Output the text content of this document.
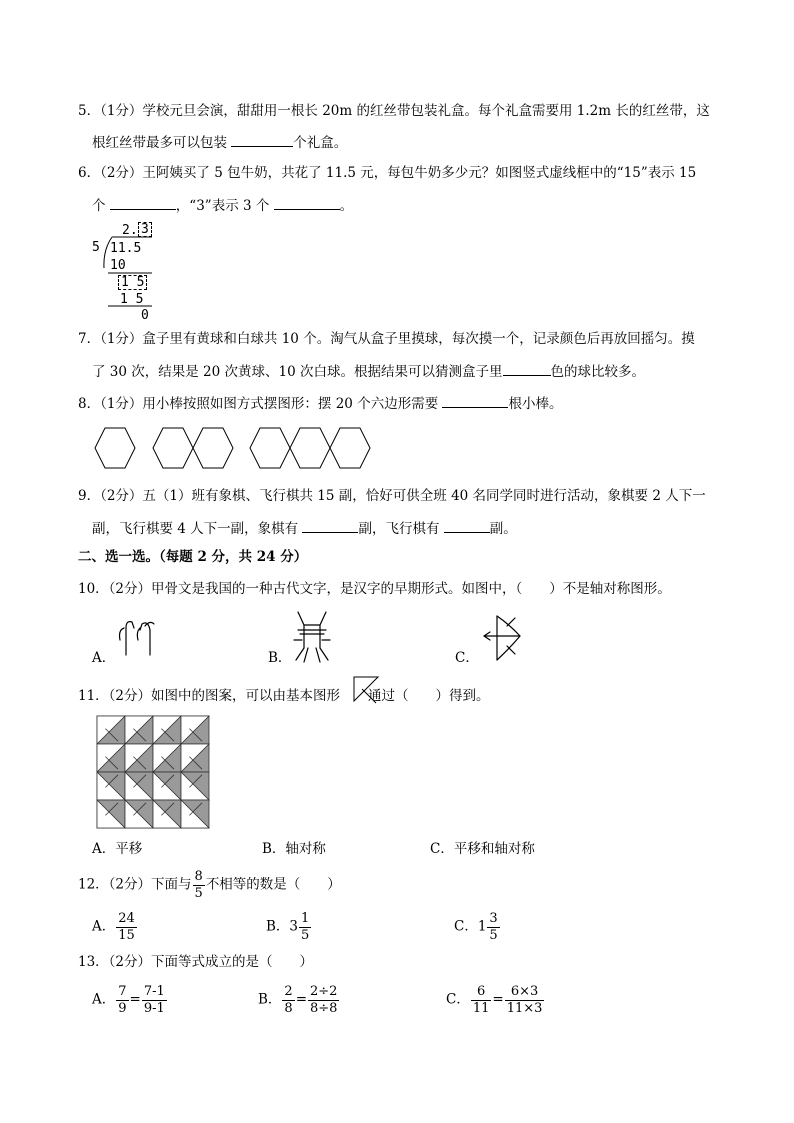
5．（1分）学校元旦会演，甜甜用一根长 20m 的红丝带包装礼盒。每个礼盒需要用 1.2m 长的红丝带，这
根红丝带最多可以包装	个礼盒。
6．（2分）王阿姨买了 5 包牛奶，共花了 11.5 元，每包牛奶多少元？如图竖式虚线框中的“15”表示 15
个	，“3”表示 3 个	。
2. 3
5 11.5
10
1 5
1 5
0
7．（1分）盒子里有黄球和白球共 10 个。淘气从盒子里摸球，每次摸一个，记录颜色后再放回摇匀。摸
了 30 次，结果是 20 次黄球、10 次白球。根据结果可以猜测盒子里	色的球比较多。
8．（1分）用小棒按照如图方式摆图形：摆 20 个六边形需要	根小棒。
9．（2分）五（1）班有象棋、飞行棋共 15 副，恰好可供全班 40 名同学同时进行活动，象棋要 2 人下一
副，飞行棋要 4 人下一副，象棋有	副，飞行棋有	副。
二、选一选。（每题 2 分，共 24 分）
10．（2分）甲骨文是我国的一种古代文字，是汉字的早期形式。如图中，（　　）不是轴对称图形。
A．	B．	C．
11．（2分）如图中的图案，可以由基本图形 通过（　　）得到。
A．平移	B．轴对称	C．平移和轴对称
12．（2分）下面与 $\frac{8}{5}$ 不相等的数是（　　）
A． $\frac{24}{15}$	B．$3 \frac{1}{5}$	C．$1 \frac{3}{5}$
13．（2分）下面等式成立的是（　　）
A． $\frac{7}{9} = \frac{7-1}{9-1}$	B． $\frac{2}{8} = \frac{2\div 2}{8\div 8}$	C． $\frac{6}{11} = \frac{6\times 3}{11\times 3}$
